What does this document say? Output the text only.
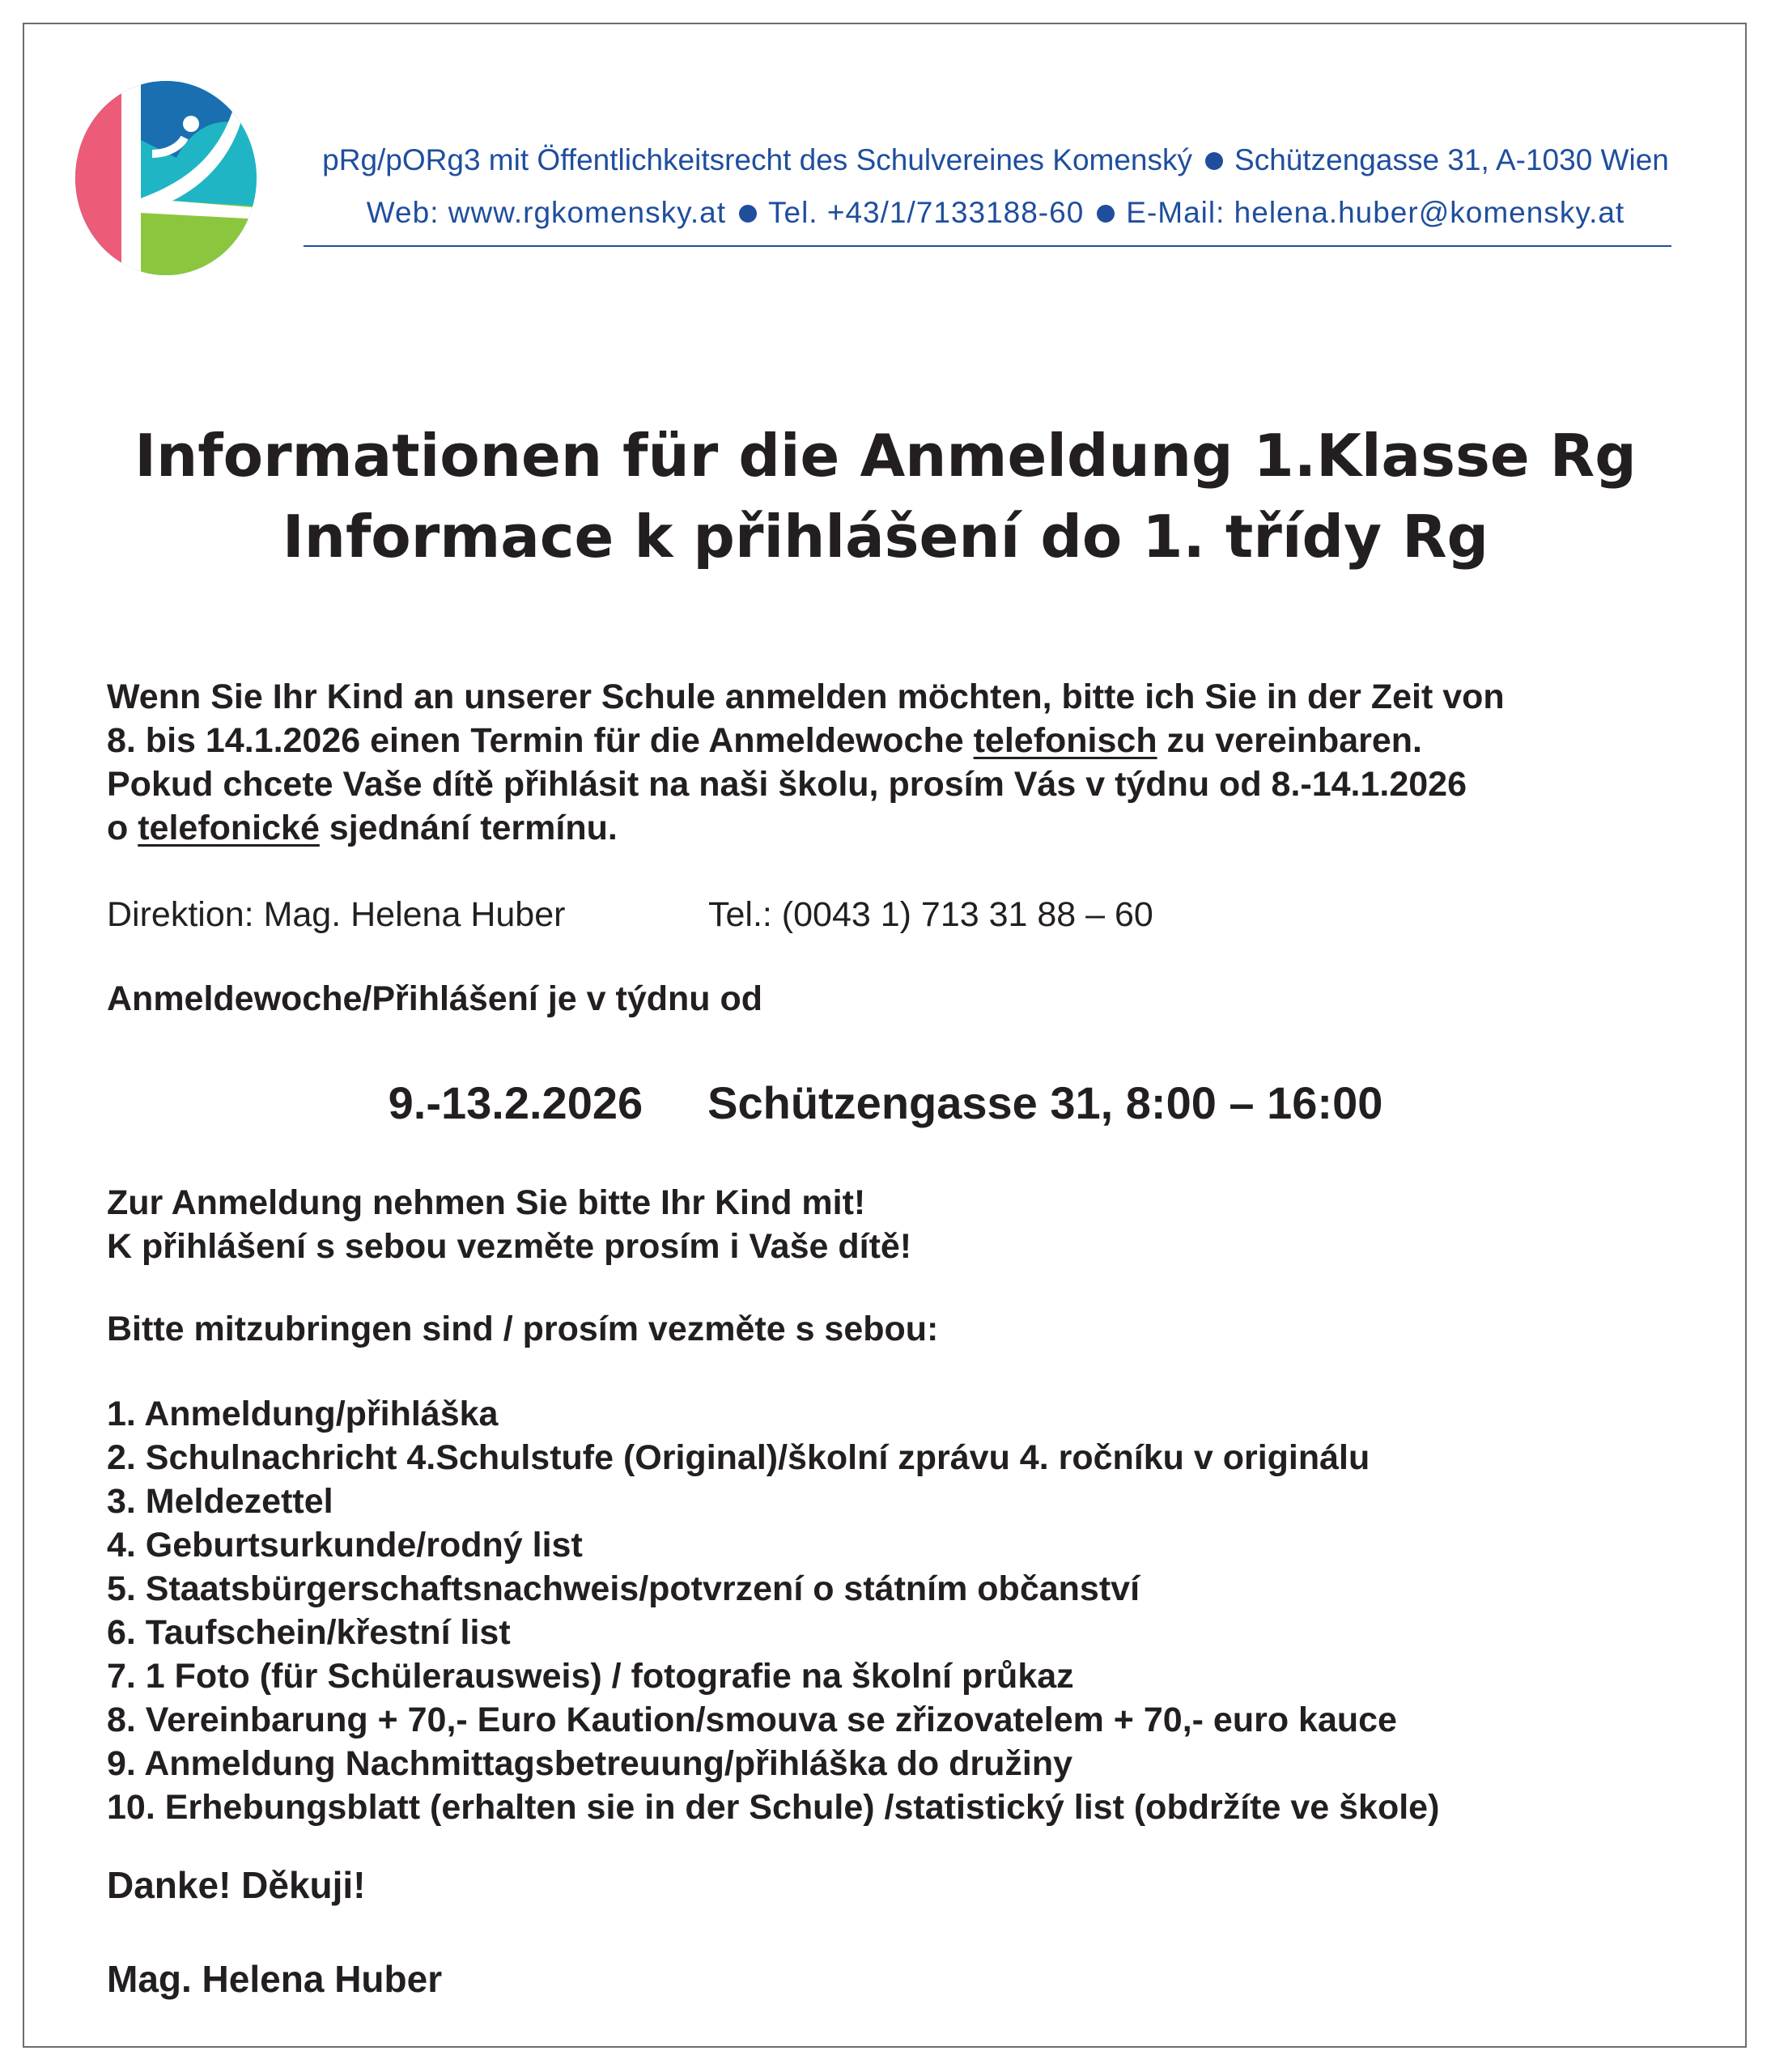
pRg/pORg3 mit Öffentlichkeitsrecht des Schulvereines Komenský Schützengasse 31, A-1030 Wien
Web: www.rgkomensky.at Tel. +43/1/7133188-60 E-Mail: helena.huber@komensky.at
Informationen für die Anmeldung 1.Klasse Rg
Informace k přihlášení do 1. třídy Rg
Wenn Sie Ihr Kind an unserer Schule anmelden möchten, bitte ich Sie in der Zeit von
8. bis 14.1.2026 einen Termin für die Anmeldewoche telefonisch zu vereinbaren.
Pokud chcete Vaše dítě přihlásit na naši školu, prosím Vás v týdnu od 8.-14.1.2026
o telefonické sjednání termínu.
Direktion: Mag. Helena Huber	Tel.: (0043 1) 713 31 88 – 60
Anmeldewoche/Přihlášení je v týdnu od
9.-13.2.2026 Schützengasse 31, 8:00 – 16:00
Zur Anmeldung nehmen Sie bitte Ihr Kind mit!
K přihlášení s sebou vezměte prosím i Vaše dítě!
Bitte mitzubringen sind / prosím vezměte s sebou:
1. Anmeldung/přihláška
2. Schulnachricht 4.Schulstufe (Original)/školní zprávu 4. ročníku v originálu
3. Meldezettel
4. Geburtsurkunde/rodný list
5. Staatsbürgerschaftsnachweis/potvrzení o státním občanství
6. Taufschein/křestní list
7. 1 Foto (für Schülerausweis) / fotografie na školní průkaz
8. Vereinbarung + 70,- Euro Kaution/smouva se zřizovatelem + 70,- euro kauce
9. Anmeldung Nachmittagsbetreuung/přihláška do družiny
10. Erhebungsblatt (erhalten sie in der Schule) /statistický list (obdržíte ve škole)
Danke! Děkuji!
Mag. Helena Huber
